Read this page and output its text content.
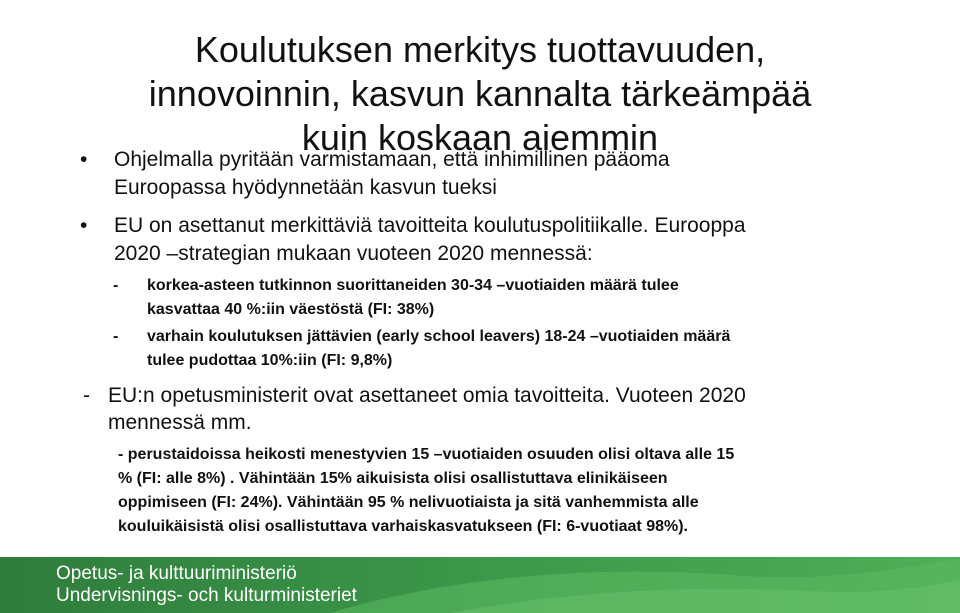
Koulutuksen merkitys tuottavuuden,
innovoinnin, kasvun kannalta tärkeämpää
kuin koskaan aiemmin
• Ohjelmalla pyritään varmistamaan, että inhimillinen pääoma
Euroopassa hyödynnetään kasvun tueksi
• EU on asettanut merkittäviä tavoitteita koulutuspolitiikalle. Eurooppa
2020 –strategian mukaan vuoteen 2020 mennessä:
- korkea-asteen tutkinnon suorittaneiden 30-34 –vuotiaiden määrä tulee
kasvattaa 40 %:iin väestöstä (FI: 38%)
- varhain koulutuksen jättävien (early school leavers) 18-24 –vuotiaiden määrä
tulee pudottaa 10%:iin (FI: 9,8%)
- EU:n opetusministerit ovat asettaneet omia tavoitteita. Vuoteen 2020
mennessä mm.
- perustaidoissa heikosti menestyvien 15 –vuotiaiden osuuden olisi oltava alle 15
% (FI: alle 8%) . Vähintään 15% aikuisista olisi osallistuttava elinikäiseen
oppimiseen (FI: 24%). Vähintään 95 % nelivuotiaista ja sitä vanhemmista alle
kouluikäisistä olisi osallistuttava varhaiskasvatukseen (FI: 6-vuotiaat 98%).
Opetus- ja kulttuuriministeriö
Undervisnings- och kulturministeriet
